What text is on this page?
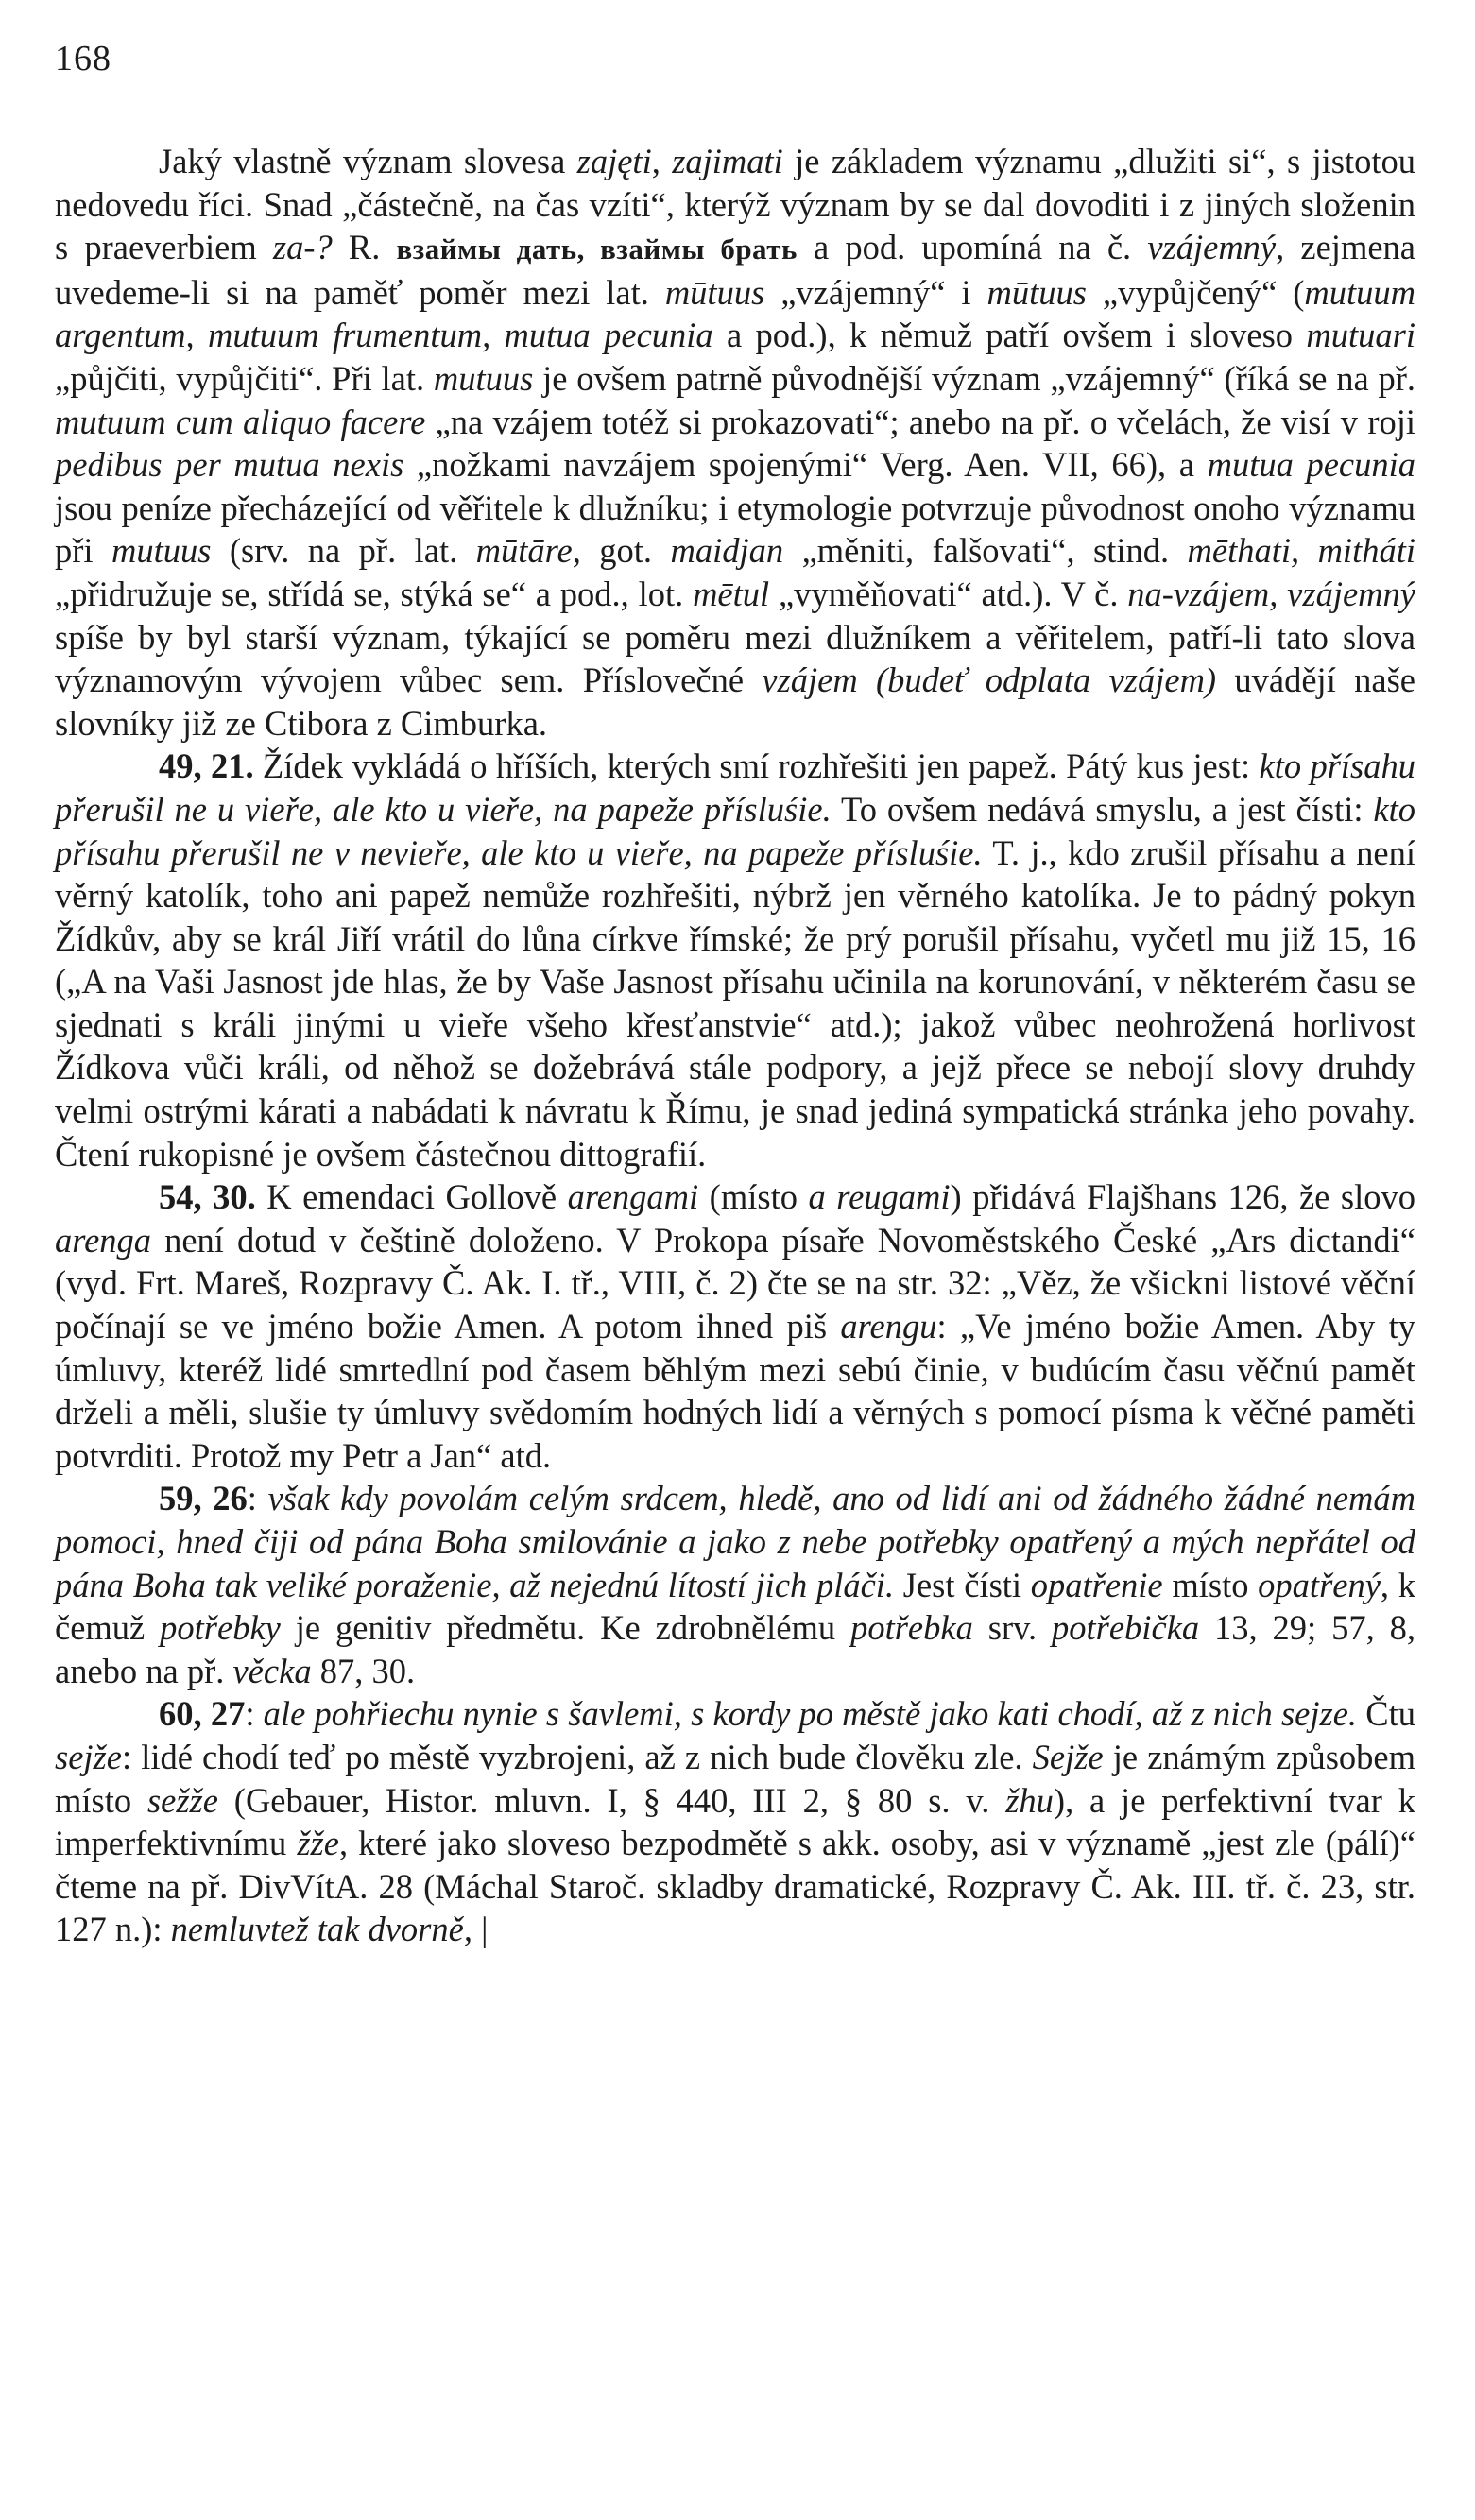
168

Jaký vlastně význam slovesa zajęti, zajimati je základem významu „dlužiti si“, s jistotou nedovedu říci. Snad „částečně, na čas vzíti“, kterýž význam by se dal dovoditi i z jiných složenin s praeverbiem za-? R. взаймы дать, взаймы брать a pod. upomíná na č. vzájemný, zejmena uvedeme-li si na paměť poměr mezi lat. mūtuus „vzájemný“ i mūtuus „vypůjčený“ (mutuum argentum, mutuum frumentum, mutua pecunia a pod.), k němuž patří ovšem i sloveso mutuari „půjčiti, vypůjčiti“. Při lat. mutuus je ovšem patrně původnější význam „vzájemný“ (říká se na př. mutuum cum aliquo facere „na vzájem totéž si prokazovati“; anebo na př. o včelách, že visí v roji pedibus per mutua nexis „nožkami navzájem spojenými“ Verg. Aen. VII, 66), a mutua pecunia jsou peníze přecházející od věřitele k dlužníku; i etymologie potvrzuje původnost onoho významu při mutuus (srv. na př. lat. mūtāre, got. maidjan „měniti, falšovati“, stind. mēthati, mitháti „přidružuje se, střídá se, stýká se“ a pod., lot. mētul „vyměňovati“ atd.). V č. na-vzájem, vzájemný spíše by byl starší význam, týkající se poměru mezi dlužníkem a věřitelem, patří-li tato slova významovým vývojem vůbec sem. Příslovečné vzájem (budeť odplata vzájem) uvádějí naše slovníky již ze Ctibora z Cimburka.

49, 21. Žídek vykládá o hříších, kterých smí rozhřešiti jen papež. Pátý kus jest: kto přísahu přerušil ne u vieře, ale kto u vieře, na papeže přísluśie. To ovšem nedává smyslu, a jest čísti: kto přísahu přerušil ne v nevieře, ale kto u vieře, na papeže přísluśie. T. j., kdo zrušil přísahu a není věrný katolík, toho ani papež nemůže rozhřešiti, nýbrž jen věrného katolíka. Je to pádný pokyn Žídkův, aby se král Jiří vrátil do lůna církve římské; že prý porušil přísahu, vyčetl mu již 15, 16 („A na Vaši Jasnost jde hlas, že by Vaše Jasnost přísahu učinila na korunování, v některém času se sjednati s králi jinými u vieře všeho křesťanstvie“ atd.); jakož vůbec neohrožená horlivost Žídkova vůči králi, od něhož se dožebrává stále podpory, a jejž přece se nebojí slovy druhdy velmi ostrými kárati a nabádati k návratu k Římu, je snad jediná sympatická stránka jeho povahy. Čtení rukopisné je ovšem částečnou dittografií.

54, 30. K emendaci Gollově arengami (místo a reugami) přidává Flajšhans 126, že slovo arenga není dotud v češtině doloženo. V Prokopa písaře Novoměstského České „Ars dictandi“ (vyd. Frt. Mareš, Rozpravy Č. Ak. I. tř., VIII, č. 2) čte se na str. 32: „Věz, že všickni listové věční počínají se ve jméno božie Amen. A potom ihned piš arengu: „Ve jméno božie Amen. Aby ty úmluvy, kteréž lidé smrtedlní pod časem běhlým mezi sebú činie, v budúcím času věčnú pamět drželi a měli, slušie ty úmluvy svědomím hodných lidí a věrných s pomocí písma k věčné paměti potvrditi. Protož my Petr a Jan“ atd.

59, 26: však kdy povolám celým srdcem, hledě, ano od lidí ani od žádného žádné nemám pomoci, hned čiji od pána Boha smilovánie a jako z nebe potřebky opatřený a mých nepřátel od pána Boha tak veliké poraženie, až nejednú lítostí jich pláči. Jest čísti opatřenie místo opatřený, k čemuž potřebky je genitiv předmětu. Ke zdrobnělému potřebka srv. potřebička 13, 29; 57, 8, anebo na př. věcka 87, 30.

60, 27: ale pohřiechu nynie s šavlemi, s kordy po městě jako kati chodí, až z nich sejze. Čtu sejže: lidé chodí teď po městě vyzbrojeni, až z nich bude člověku zle. Sejže je známým způsobem místo sežže (Gebauer, Histor. mluvn. I, § 440, III 2, § 80 s. v. žhu), a je perfektivní tvar k imperfektivnímu žže, které jako sloveso bezpodmětě s akk. osoby, asi v významě „jest zle (pálí)“ čteme na př. DivVítA. 28 (Máchal Staroč. skladby dramatické, Rozpravy Č. Ak. III. tř. č. 23, str. 127 n.): nemluvtež tak dvorně, |
